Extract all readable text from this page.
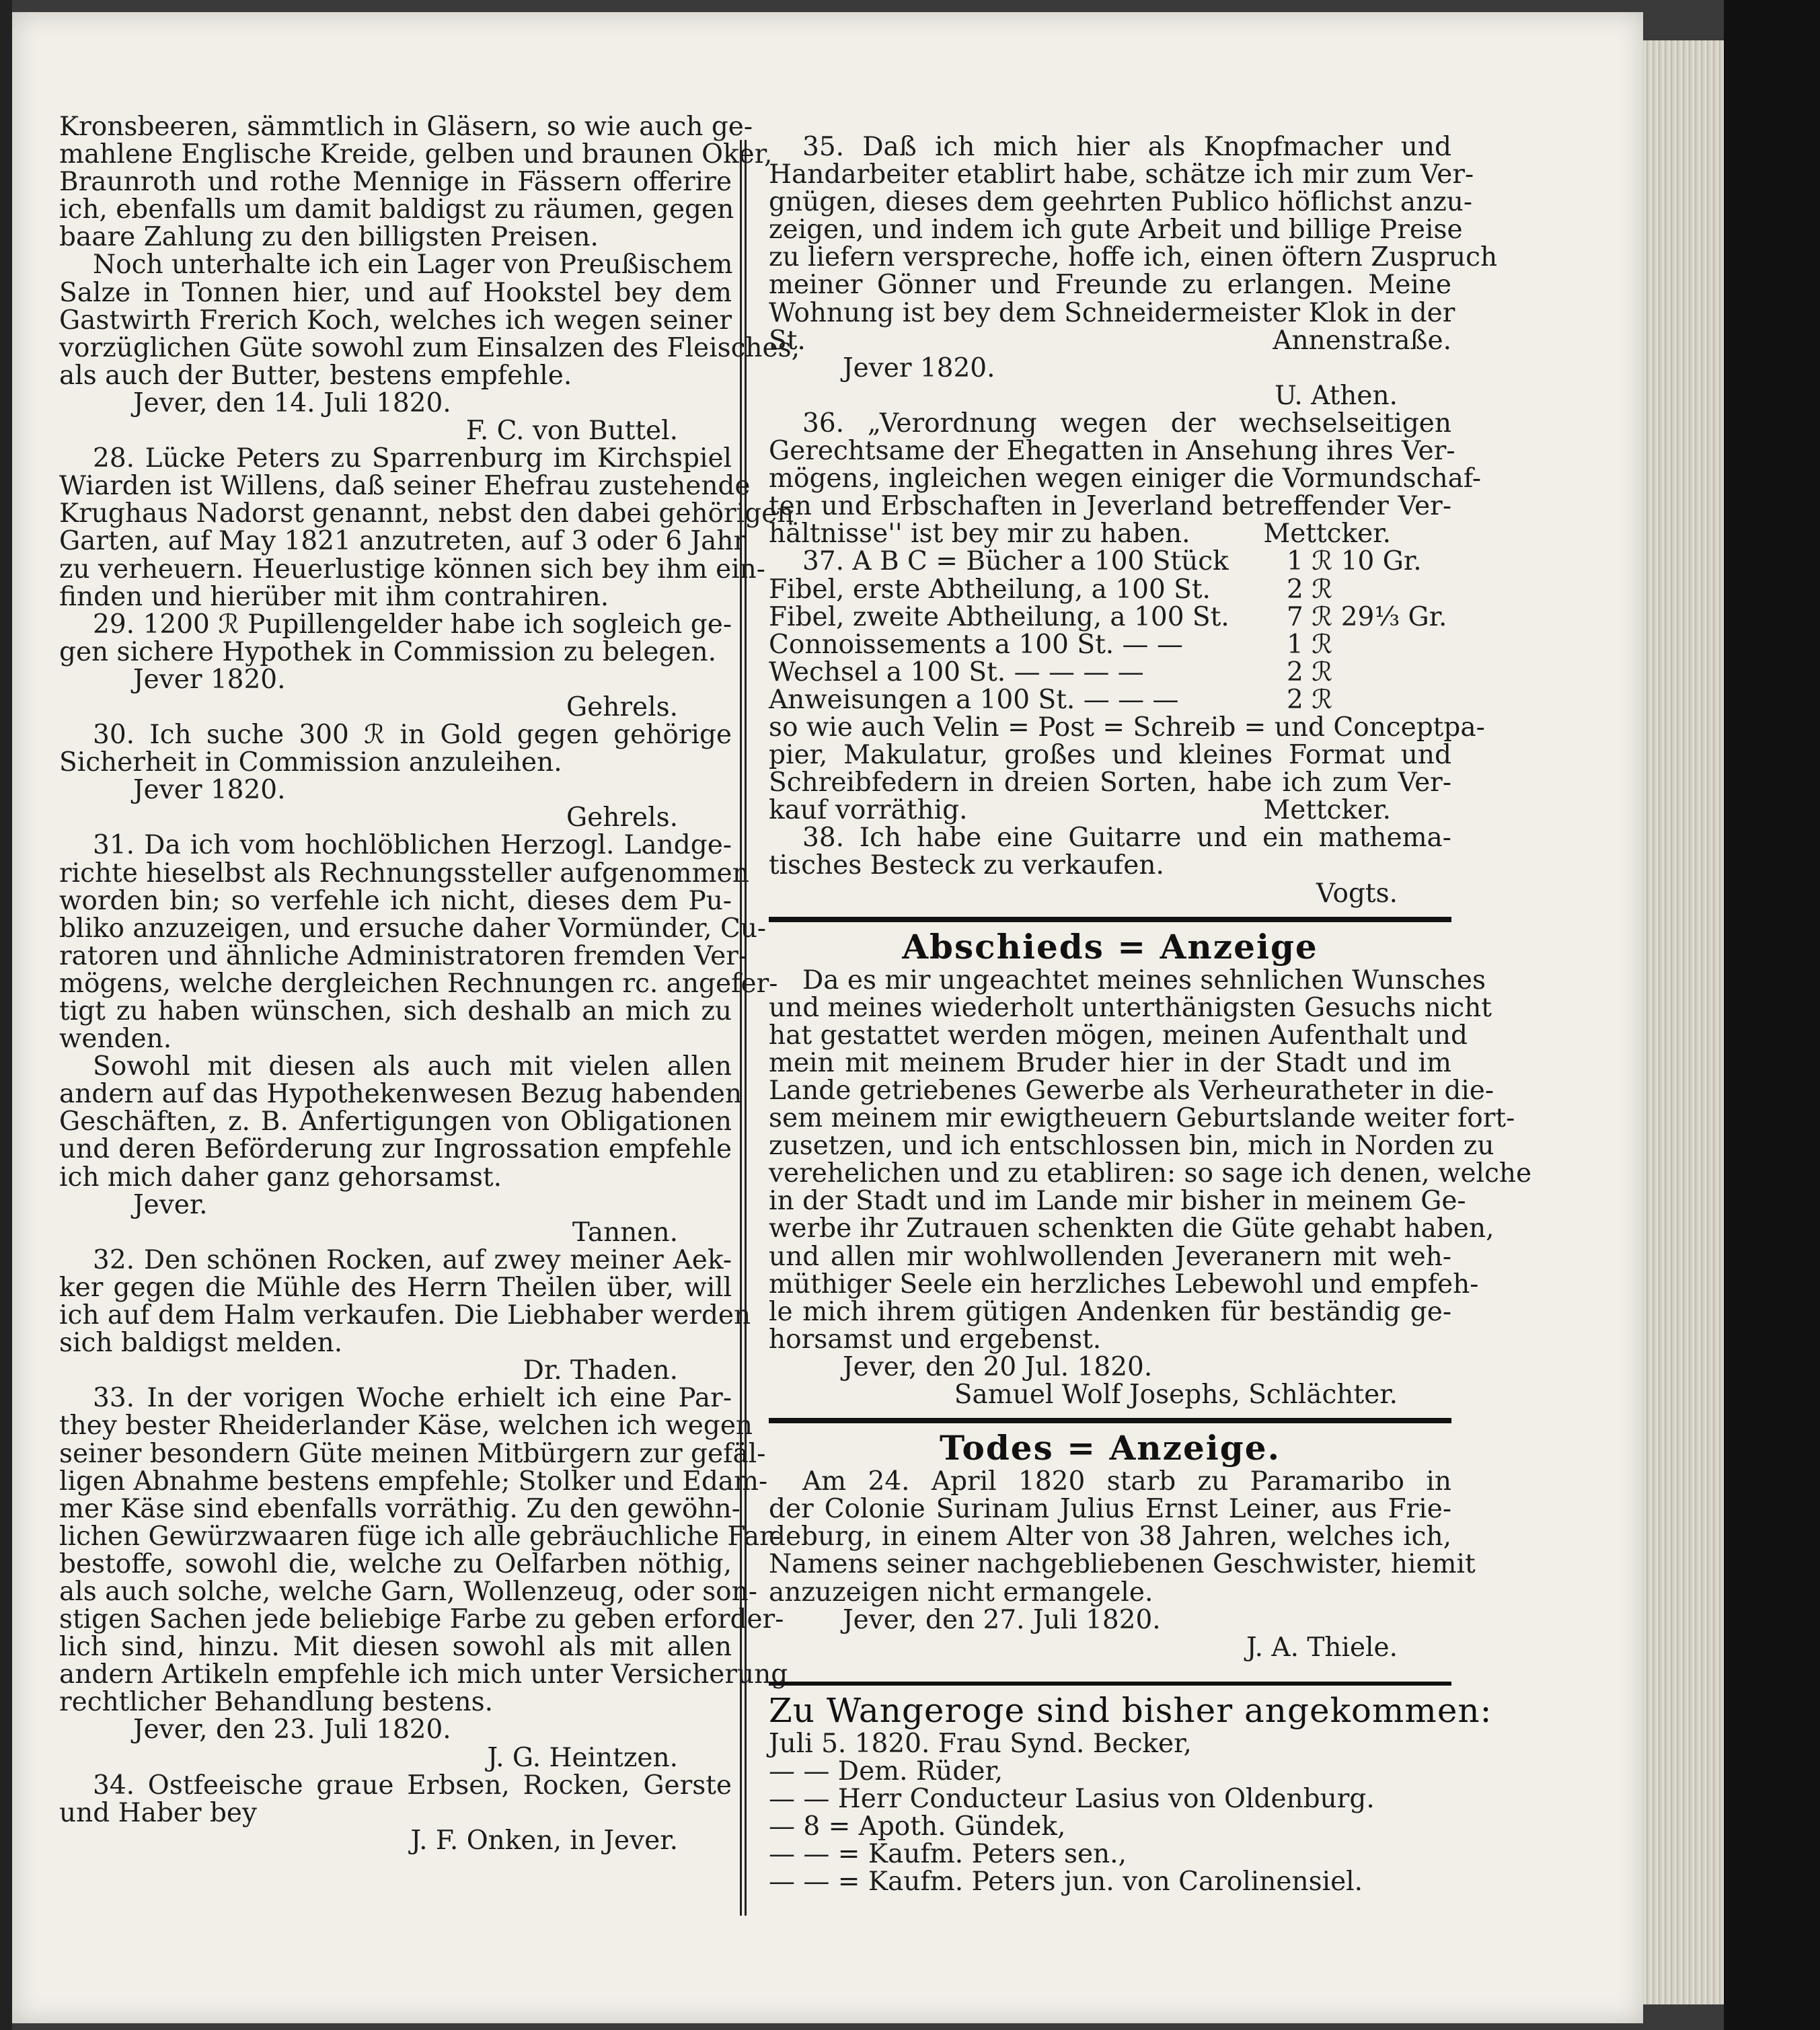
Kronsbeeren, sämmtlich in Gläsern, so wie auch ge-
mahlene Englische Kreide, gelben und braunen Oker,
Braunroth und rothe Mennige in Fässern offerire
ich, ebenfalls um damit baldigst zu räumen, gegen
baare Zahlung zu den billigsten Preisen.
Noch unterhalte ich ein Lager von Preußischem
Salze in Tonnen hier, und auf Hookstel bey dem
Gastwirth Frerich Koch, welches ich wegen seiner
vorzüglichen Güte sowohl zum Einsalzen des Fleisches,
als auch der Butter, bestens empfehle.
Jever, den 14. Juli 1820.
F. C. von Buttel.
28. Lücke Peters zu Sparrenburg im Kirchspiel
Wiarden ist Willens, daß seiner Ehefrau zustehende
Krughaus Nadorst genannt, nebst den dabei gehörigen
Garten, auf May 1821 anzutreten, auf 3 oder 6 Jahr
zu verheuern. Heuerlustige können sich bey ihm ein-
finden und hierüber mit ihm contrahiren.
29. 1200 ℛ Pupillengelder habe ich sogleich ge-
gen sichere Hypothek in Commission zu belegen.
Jever 1820.
Gehrels.
30. Ich suche 300 ℛ in Gold gegen gehörige
Sicherheit in Commission anzuleihen.
Jever 1820.
Gehrels.
31. Da ich vom hochlöblichen Herzogl. Landge-
richte hieselbst als Rechnungssteller aufgenommen
worden bin; so verfehle ich nicht, dieses dem Pu-
bliko anzuzeigen, und ersuche daher Vormünder, Cu-
ratoren und ähnliche Administratoren fremden Ver-
mögens, welche dergleichen Rechnungen rc. angefer-
tigt zu haben wünschen, sich deshalb an mich zu
wenden.
Sowohl mit diesen als auch mit vielen allen
andern auf das Hypothekenwesen Bezug habenden
Geschäften, z. B. Anfertigungen von Obligationen
und deren Beförderung zur Ingrossation empfehle
ich mich daher ganz gehorsamst.
Jever.
Tannen.
32. Den schönen Rocken, auf zwey meiner Aek-
ker gegen die Mühle des Herrn Theilen über, will
ich auf dem Halm verkaufen. Die Liebhaber werden
sich baldigst melden.
Dr. Thaden.
33. In der vorigen Woche erhielt ich eine Par-
they bester Rheiderlander Käse, welchen ich wegen
seiner besondern Güte meinen Mitbürgern zur gefäl-
ligen Abnahme bestens empfehle; Stolker und Edam-
mer Käse sind ebenfalls vorräthig. Zu den gewöhn-
lichen Gewürzwaaren füge ich alle gebräuchliche Far-
bestoffe, sowohl die, welche zu Oelfarben nöthig,
als auch solche, welche Garn, Wollenzeug, oder son-
stigen Sachen jede beliebige Farbe zu geben erforder-
lich sind, hinzu. Mit diesen sowohl als mit allen
andern Artikeln empfehle ich mich unter Versicherung
rechtlicher Behandlung bestens.
Jever, den 23. Juli 1820.
J. G. Heintzen.
34. Ostfeeische graue Erbsen, Rocken, Gerste
und Haber bey
J. F. Onken, in Jever.
35. Daß ich mich hier als Knopfmacher und
Handarbeiter etablirt habe, schätze ich mir zum Ver-
gnügen, dieses dem geehrten Publico höflichst anzu-
zeigen, und indem ich gute Arbeit und billige Preise
zu liefern verspreche, hoffe ich, einen öftern Zuspruch
meiner Gönner und Freunde zu erlangen. Meine
Wohnung ist bey dem Schneidermeister Klok in der
St. Annenstraße.
Jever 1820.
U. Athen.
36. „Verordnung wegen der wechselseitigen
Gerechtsame der Ehegatten in Ansehung ihres Ver-
mögens, ingleichen wegen einiger die Vormundschaf-
ten und Erbschaften in Jeverland betreffender Ver-
hältnisse'' ist bey mir zu haben.	Mettcker.
37. A B C = Bücher a 100 Stück 1 ℛ 10 Gr.
Fibel, erste Abtheilung, a 100 St.	2 ℛ
Fibel, zweite Abtheilung, a 100 St. 7 ℛ 29⅓ Gr.
Connoissements a 100 St. — —	1 ℛ
Wechsel a 100 St. — — — —	2 ℛ
Anweisungen a 100 St. — — —	2 ℛ
so wie auch Velin = Post = Schreib = und Conceptpa-
pier, Makulatur, großes und kleines Format und
Schreibfedern in dreien Sorten, habe ich zum Ver-
kauf vorräthig.	Mettcker.
38. Ich habe eine Guitarre und ein mathema-
tisches Besteck zu verkaufen.
Vogts.
Abschieds = Anzeige
Da es mir ungeachtet meines sehnlichen Wunsches
und meines wiederholt unterthänigsten Gesuchs nicht
hat gestattet werden mögen, meinen Aufenthalt und
mein mit meinem Bruder hier in der Stadt und im
Lande getriebenes Gewerbe als Verheuratheter in die-
sem meinem mir ewigtheuern Geburtslande weiter fort-
zusetzen, und ich entschlossen bin, mich in Norden zu
verehelichen und zu etabliren: so sage ich denen, welche
in der Stadt und im Lande mir bisher in meinem Ge-
werbe ihr Zutrauen schenkten die Güte gehabt haben,
und allen mir wohlwollenden Jeveranern mit weh-
müthiger Seele ein herzliches Lebewohl und empfeh-
le mich ihrem gütigen Andenken für beständig ge-
horsamst und ergebenst.
Jever, den 20 Jul. 1820.
Samuel Wolf Josephs, Schlächter.
Todes = Anzeige.
Am 24. April 1820 starb zu Paramaribo in
der Colonie Surinam Julius Ernst Leiner, aus Frie-
deburg, in einem Alter von 38 Jahren, welches ich,
Namens seiner nachgebliebenen Geschwister, hiemit
anzuzeigen nicht ermangele.
Jever, den 27. Juli 1820.
J. A. Thiele.
Zu Wangeroge sind bisher angekommen:
Juli 5. 1820. Frau Synd. Becker,
— — Dem. Rüder,
— — Herr Conducteur Lasius von Oldenburg.
— 8 = Apoth. Gündek,
— — = Kaufm. Peters sen.,
— — = Kaufm. Peters jun. von Carolinensiel.
